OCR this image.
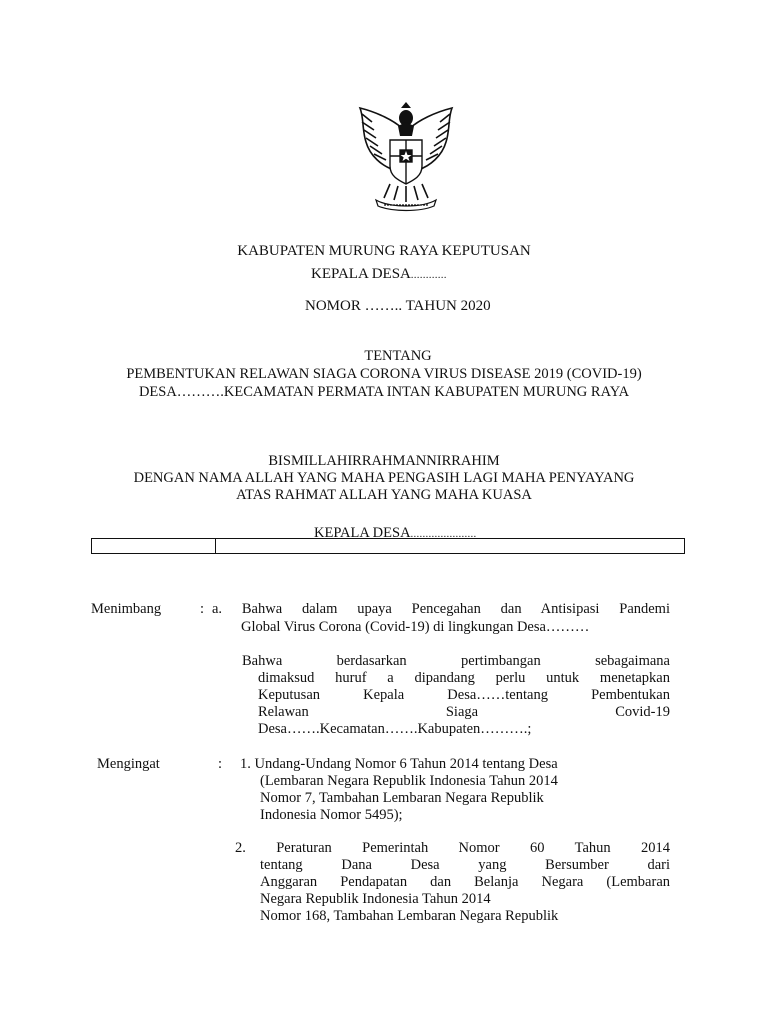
KABUPATEN MURUNG RAYA KEPUTUSAN
KEPALA DESA............
NOMOR …….. TAHUN 2020
TENTANG
PEMBENTUKAN RELAWAN SIAGA CORONA VIRUS DISEASE 2019 (COVID-19)
DESA……….KECAMATAN PERMATA INTAN KABUPATEN MURUNG RAYA
BISMILLAHIRRAHMANNIRRAHIM
DENGAN NAMA ALLAH YANG MAHA PENGASIH LAGI MAHA PENYAYANG
ATAS RAHMAT ALLAH YANG MAHA KUASA
KEPALA DESA......................
Menimbang	: a. Bahwa dalam upaya Pencegahan dan Antisipasi Pandemi
Global Virus Corona (Covid-19) di lingkungan Desa………
Bahwa berdasarkan pertimbangan sebagaimana
dimaksud huruf a dipandang perlu untuk menetapkan
Keputusan Kepala Desa……tentang Pembentukan
Relawan Siaga Covid-19
Desa…….Kecamatan…….Kabupaten……….;
Mengingat	: 1. Undang-Undang Nomor 6 Tahun 2014 tentang Desa
(Lembaran Negara Republik Indonesia Tahun 2014
Nomor 7, Tambahan Lembaran Negara Republik
Indonesia Nomor 5495);
2. Peraturan Pemerintah Nomor 60 Tahun 2014
tentang Dana Desa yang Bersumber dari
Anggaran Pendapatan dan Belanja Negara (Lembaran
Negara Republik Indonesia Tahun 2014
Nomor 168, Tambahan Lembaran Negara Republik
